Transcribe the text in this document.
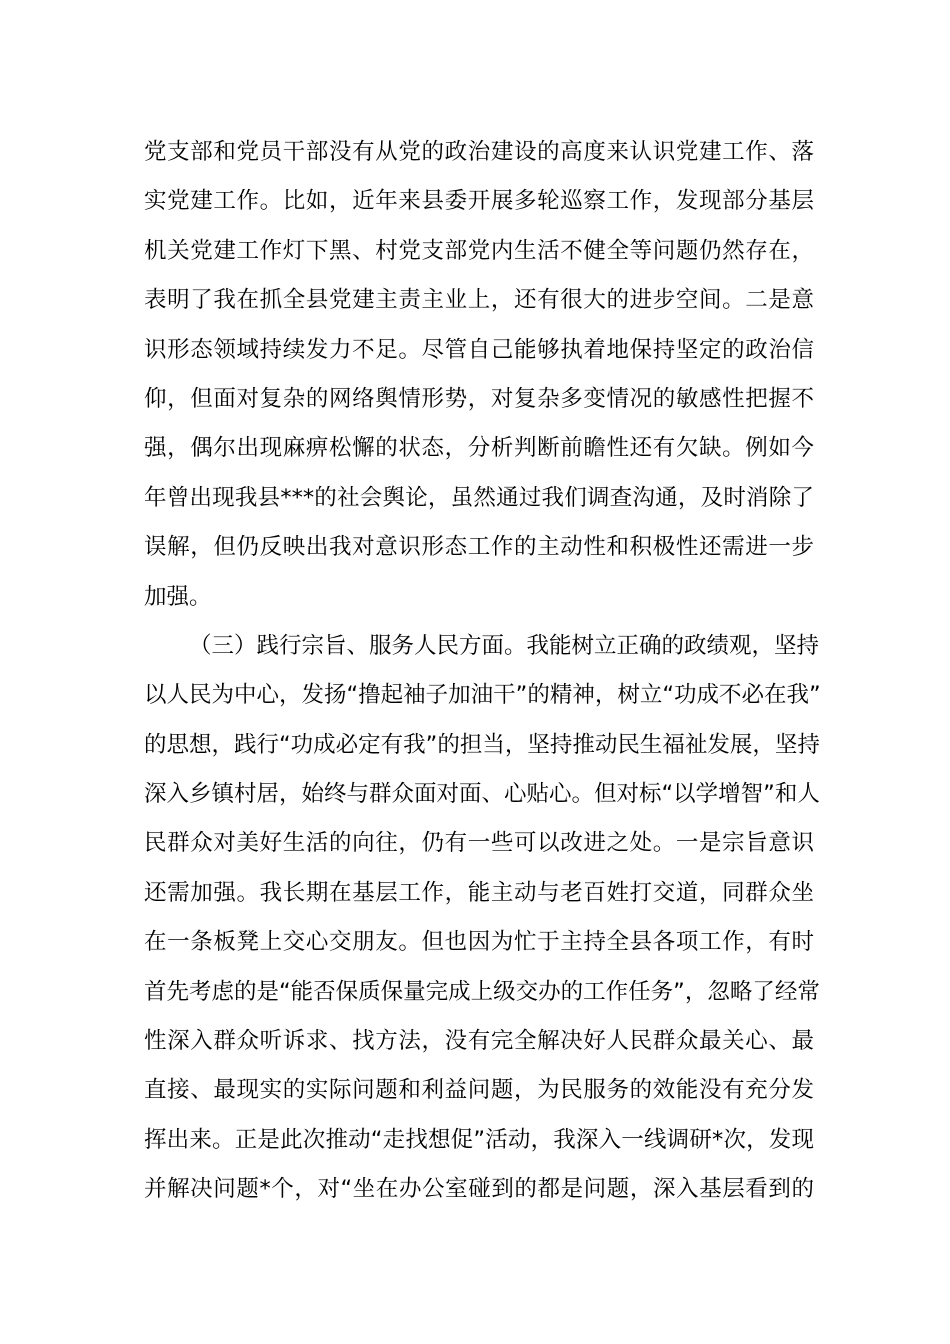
党支部和党员干部没有从党的政治建设的高度来认识党建工作、落
实党建工作。比如，近年来县委开展多轮巡察工作，发现部分基层
机关党建工作灯下黑、村党支部党内生活不健全等问题仍然存在，
表明了我在抓全县党建主责主业上，还有很大的进步空间。二是意
识形态领域持续发力不足。尽管自己能够执着地保持坚定的政治信
仰，但面对复杂的网络舆情形势，对复杂多变情况的敏感性把握不
强，偶尔出现麻痹松懈的状态，分析判断前瞻性还有欠缺。例如今
年曾出现我县***的社会舆论，虽然通过我们调查沟通，及时消除了
误解，但仍反映出我对意识形态工作的主动性和积极性还需进一步
加强。
（三）践行宗旨、服务人民方面。我能树立正确的政绩观，坚持
以人民为中心，发扬“撸起袖子加油干”的精神，树立“功成不必在我”
的思想，践行“功成必定有我”的担当，坚持推动民生福祉发展，坚持
深入乡镇村居，始终与群众面对面、心贴心。但对标“以学增智”和人
民群众对美好生活的向往，仍有一些可以改进之处。一是宗旨意识
还需加强。我长期在基层工作，能主动与老百姓打交道，同群众坐
在一条板凳上交心交朋友。但也因为忙于主持全县各项工作，有时
首先考虑的是“能否保质保量完成上级交办的工作任务”，忽略了经常
性深入群众听诉求、找方法，没有完全解决好人民群众最关心、最
直接、最现实的实际问题和利益问题，为民服务的效能没有充分发
挥出来。正是此次推动“走找想促”活动，我深入一线调研*次，发现
并解决问题*个，对“坐在办公室碰到的都是问题，深入基层看到的
